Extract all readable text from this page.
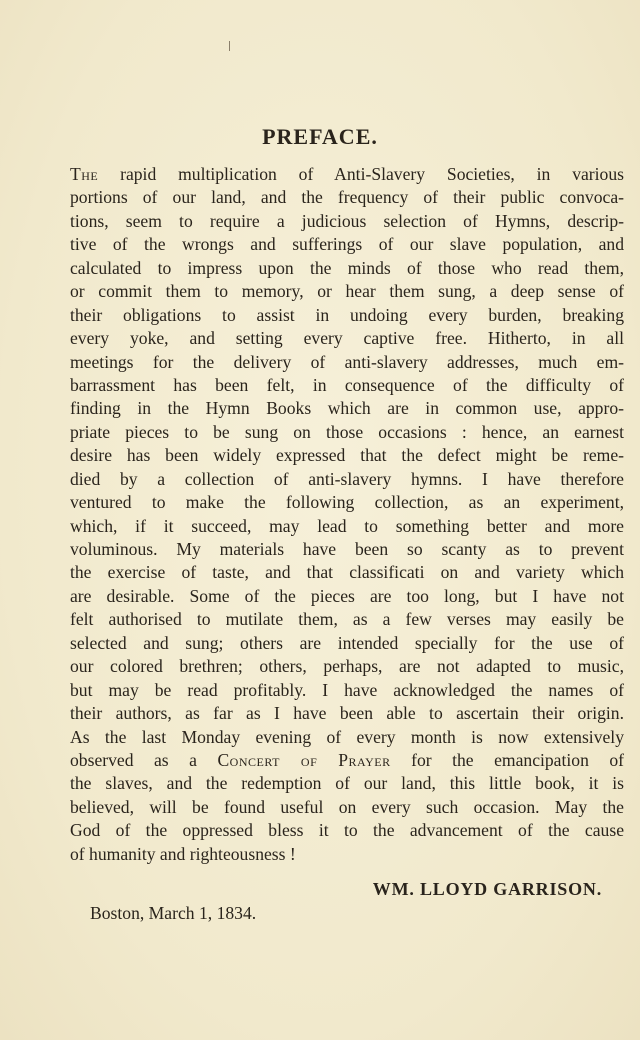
PREFACE.
The rapid multiplication of Anti-Slavery Societies, in various
portions of our land, and the frequency of their public convoca-
tions, seem to require a judicious selection of Hymns, descrip-
tive of the wrongs and sufferings of our slave population, and
calculated to impress upon the minds of those who read them,
or commit them to memory, or hear them sung, a deep sense of
their obligations to assist in undoing every burden, breaking
every yoke, and setting every captive free. Hitherto, in all
meetings for the delivery of anti-slavery addresses, much em-
barrassment has been felt, in consequence of the difficulty of
finding in the Hymn Books which are in common use, appro-
priate pieces to be sung on those occasions : hence, an earnest
desire has been widely expressed that the defect might be reme-
died by a collection of anti-slavery hymns. I have therefore
ventured to make the following collection, as an experiment,
which, if it succeed, may lead to something better and more
voluminous. My materials have been so scanty as to prevent
the exercise of taste, and that classificati on and variety which
are desirable. Some of the pieces are too long, but I have not
felt authorised to mutilate them, as a few verses may easily be
selected and sung; others are intended specially for the use of
our colored brethren; others, perhaps, are not adapted to music,
but may be read profitably. I have acknowledged the names of
their authors, as far as I have been able to ascertain their origin.
As the last Monday evening of every month is now extensively
observed as a Concert of Prayer for the emancipation of
the slaves, and the redemption of our land, this little book, it is
believed, will be found useful on every such occasion. May the
God of the oppressed bless it to the advancement of the cause
of humanity and righteousness !
WM. LLOYD GARRISON.
Boston, March 1, 1834.
